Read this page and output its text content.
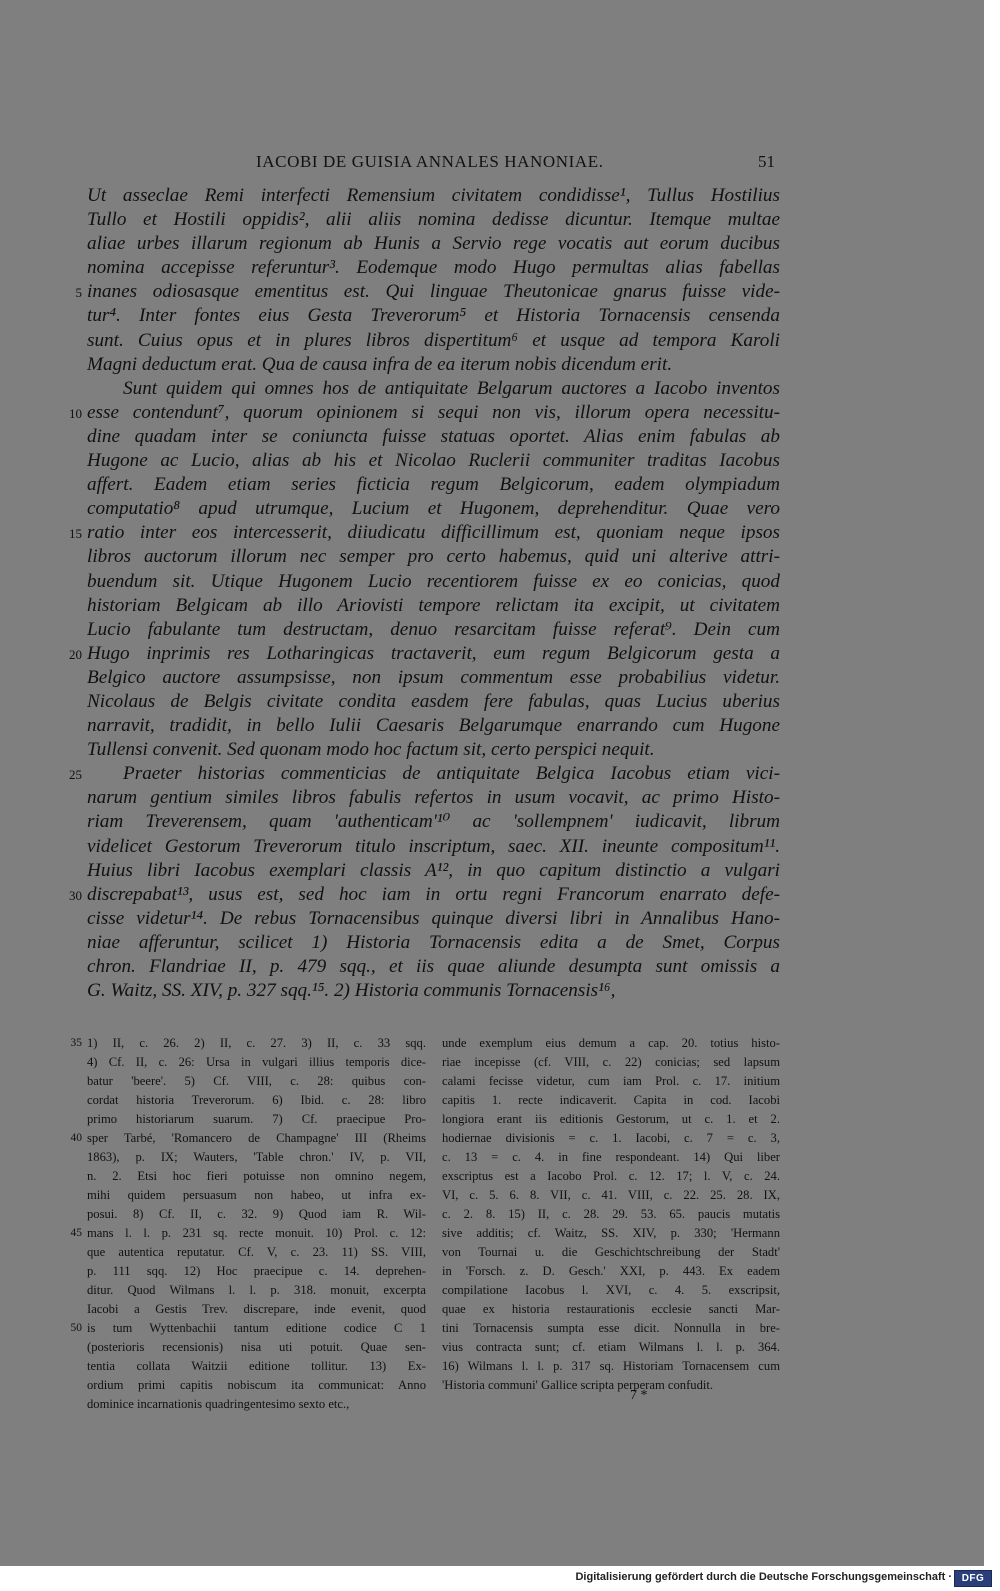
IACOBI DE GUISIA ANNALES HANONIAE.	51
5
10
15
20
25
30
Ut asseclae Remi interfecti Remensium civitatem condidisse¹, Tullus Hostilius
Tullo et Hostili oppidis², alii aliis nomina dedisse dicuntur. Itemque multae
aliae urbes illarum regionum ab Hunis a Servio rege vocatis aut eorum ducibus
nomina accepisse referuntur³. Eodemque modo Hugo permultas alias fabellas
inanes odiosasque ementitus est. Qui linguae Theutonicae gnarus fuisse vide-
tur⁴. Inter fontes eius Gesta Treverorum⁵ et Historia Tornacensis censenda
sunt. Cuius opus et in plures libros dispertitum⁶ et usque ad tempora Karoli
Magni deductum erat. Qua de causa infra de ea iterum nobis dicendum erit.
Sunt quidem qui omnes hos de antiquitate Belgarum auctores a Iacobo inventos
esse contendunt⁷, quorum opinionem si sequi non vis, illorum opera necessitu-
dine quadam inter se coniuncta fuisse statuas oportet. Alias enim fabulas ab
Hugone ac Lucio, alias ab his et Nicolao Ruclerii communiter traditas Iacobus
affert. Eadem etiam series ficticia regum Belgicorum, eadem olympiadum
computatio⁸ apud utrumque, Lucium et Hugonem, deprehenditur. Quae vero
ratio inter eos intercesserit, diiudicatu difficillimum est, quoniam neque ipsos
libros auctorum illorum nec semper pro certo habemus, quid uni alterive attri-
buendum sit. Utique Hugonem Lucio recentiorem fuisse ex eo conicias, quod
historiam Belgicam ab illo Ariovisti tempore relictam ita excipit, ut civitatem
Lucio fabulante tum destructam, denuo resarcitam fuisse referat⁹. Dein cum
Hugo inprimis res Lotharingicas tractaverit, eum regum Belgicorum gesta a
Belgico auctore assumpsisse, non ipsum commentum esse probabilius videtur.
Nicolaus de Belgis civitate condita easdem fere fabulas, quas Lucius uberius
narravit, tradidit, in bello Iulii Caesaris Belgarumque enarrando cum Hugone
Tullensi convenit. Sed quonam modo hoc factum sit, certo perspici nequit.
Praeter historias commenticias de antiquitate Belgica Iacobus etiam vici-
narum gentium similes libros fabulis refertos in usum vocavit, ac primo Histo-
riam Treverensem, quam 'authenticam'¹⁰ ac 'sollempnem' iudicavit, librum
videlicet Gestorum Treverorum titulo inscriptum, saec. XII. ineunte compositum¹¹.
Huius libri Iacobus exemplari classis A¹², in quo capitum distinctio a vulgari
discrepabat¹³, usus est, sed hoc iam in ortu regni Francorum enarrato defe-
cisse videtur¹⁴. De rebus Tornacensibus quinque diversi libri in Annalibus Hano-
niae afferuntur, scilicet 1) Historia Tornacensis edita a de Smet, Corpus
chron. Flandriae II, p. 479 sqq., et iis quae aliunde desumpta sunt omissis a
G. Waitz, SS. XIV, p. 327 sqq.¹⁵. 2) Historia communis Tornacensis¹⁶,
35
40
45
50
1) II, c. 26. 2) II, c. 27. 3) II, c. 33 sqq.
4) Cf. II, c. 26: Ursa in vulgari illius temporis dice-
batur 'beere'. 5) Cf. VIII, c. 28: quibus con-
cordat historia Treverorum. 6) Ibid. c. 28: libro
primo historiarum suarum. 7) Cf. praecipue Pro-
sper Tarbé, 'Romancero de Champagne' III (Rheims
1863), p. IX; Wauters, 'Table chron.' IV, p. VII,
n. 2. Etsi hoc fieri potuisse non omnino negem,
mihi quidem persuasum non habeo, ut infra ex-
posui. 8) Cf. II, c. 32. 9) Quod iam R. Wil-
mans l. l. p. 231 sq. recte monuit. 10) Prol. c. 12:
que autentica reputatur. Cf. V, c. 23. 11) SS. VIII,
p. 111 sqq. 12) Hoc praecipue c. 14. deprehen-
ditur. Quod Wilmans l. l. p. 318. monuit, excerpta
Iacobi a Gestis Trev. discrepare, inde evenit, quod
is tum Wyttenbachii tantum editione codice C 1
(posterioris recensionis) nisa uti potuit. Quae sen-
tentia collata Waitzii editione tollitur. 13) Ex-
ordium primi capitis nobiscum ita communicat: Anno
dominice incarnationis quadringentesimo sexto etc.,
unde exemplum eius demum a cap. 20. totius histo-
riae incepisse (cf. VIII, c. 22) conicias; sed lapsum
calami fecisse videtur, cum iam Prol. c. 17. initium
capitis 1. recte indicaverit. Capita in cod. Iacobi
longiora erant iis editionis Gestorum, ut c. 1. et 2.
hodiernae divisionis = c. 1. Iacobi, c. 7 = c. 3,
c. 13 = c. 4. in fine respondeant. 14) Qui liber
exscriptus est a Iacobo Prol. c. 12. 17; l. V, c. 24.
VI, c. 5. 6. 8. VII, c. 41. VIII, c. 22. 25. 28. IX,
c. 2. 8. 15) II, c. 28. 29. 53. 65. paucis mutatis
sive additis; cf. Waitz, SS. XIV, p. 330; 'Hermann
von Tournai u. die Geschichtschreibung der Stadt'
in 'Forsch. z. D. Gesch.' XXI, p. 443. Ex eadem
compilatione Iacobus l. XVI, c. 4. 5. exscripsit,
quae ex historia restaurationis ecclesie sancti Mar-
tini Tornacensis sumpta esse dicit. Nonnulla in bre-
vius contracta sunt; cf. etiam Wilmans l. l. p. 364.
16) Wilmans l. l. p. 317 sq. Historiam Tornacensem cum
'Historia communi' Gallice scripta perperam confudit.
7 *
Digitalisierung gefördert durch die Deutsche Forschungsgemeinschaft · DFG
